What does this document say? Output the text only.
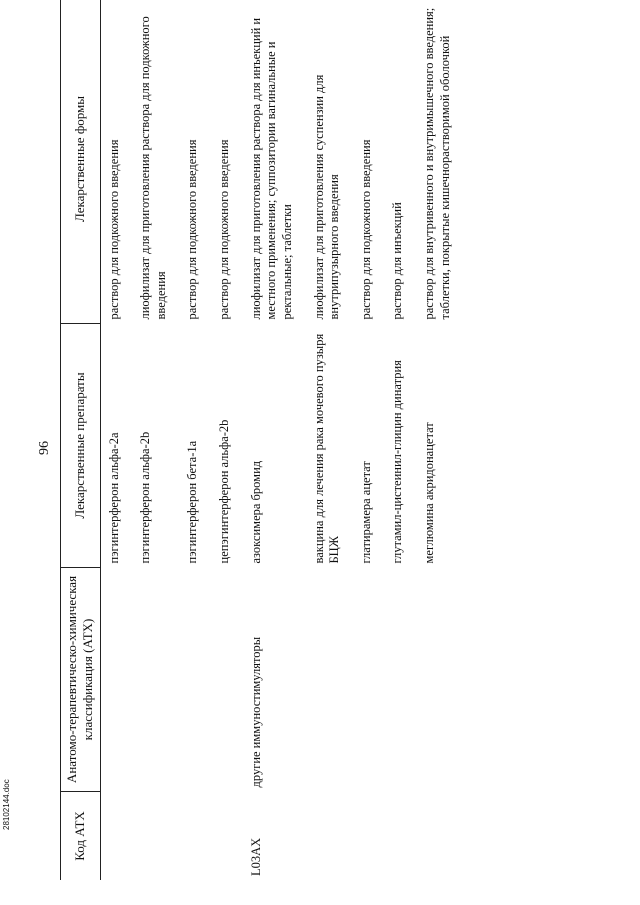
96
Код АТХ	Анатомо-терапевтическо-химическая классификация (АТХ)	Лекарственные препараты	Лекарственные формы
		пэгинтерферон альфа-2a	раствор для подкожного введения
		пэгинтерферон альфа-2b	лиофилизат для приготовления раствора для подкожного введения
		пэгинтерферон бета-1a	раствор для подкожного введения
		цепэгинтерферон альфа-2b	раствор для подкожного введения
L03AX	другие иммуностимуляторы	азоксимера бромид	лиофилизат для приготовления раствора для инъекций и местного применения; суппозитории вагинальные и ректальные; таблетки
		вакцина для лечения рака мочевого пузыря БЦЖ	лиофилизат для приготовления суспензии для внутрипузырного введения
		глатирамера ацетат	раствор для подкожного введения
		глутамил-цистеинил-глицин динатрия	раствор для инъекций
		меглюмина акридонацетат	раствор для внутривенного и внутримышечного введения; таблетки, покрытые кишечнорастворимой оболочкой
28102144.doc
